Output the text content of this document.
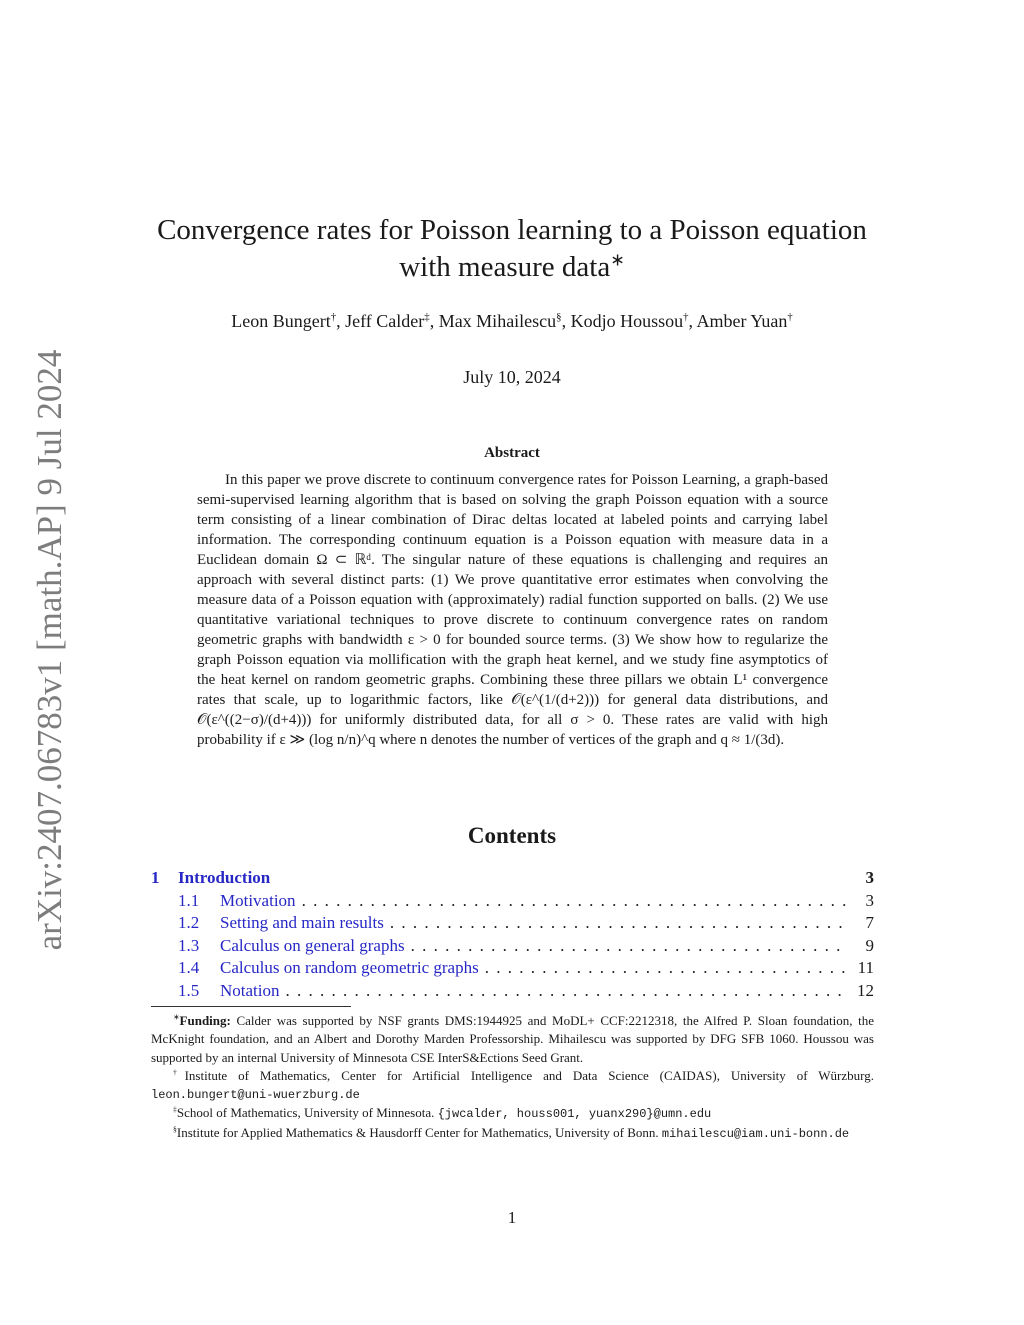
arXiv:2407.06783v1 [math.AP] 9 Jul 2024
Convergence rates for Poisson learning to a Poisson equation
with measure data∗
Leon Bungert†, Jeff Calder‡, Max Mihailescu§, Kodjo Houssou†, Amber Yuan†
July 10, 2024
Abstract
In this paper we prove discrete to continuum convergence rates for Poisson Learning, a graph-based semi-supervised learning algorithm that is based on solving the graph Poisson equation with a source term consisting of a linear combination of Dirac deltas located at labeled points and carrying label information. The corresponding continuum equation is a Poisson equation with measure data in a Euclidean domain Ω ⊂ ℝᵈ. The singular nature of these equations is challenging and requires an approach with several distinct parts: (1) We prove quantitative error estimates when convolving the measure data of a Poisson equation with (approximately) radial function supported on balls. (2) We use quantitative variational techniques to prove discrete to continuum convergence rates on random geometric graphs with bandwidth ε > 0 for bounded source terms. (3) We show how to regularize the graph Poisson equation via mollification with the graph heat kernel, and we study fine asymptotics of the heat kernel on random geometric graphs. Combining these three pillars we obtain L¹ convergence rates that scale, up to logarithmic factors, like 𝒪(ε^(1/(d+2))) for general data distributions, and 𝒪(ε^((2−σ)/(d+4))) for uniformly distributed data, for all σ > 0. These rates are valid with high probability if ε ≫ (log n/n)^q where n denotes the number of vertices of the graph and q ≈ 1/(3d).
Contents
1	Introduction	3
1.1	Motivation . . .	3
1.2	Setting and main results . . .	7
1.3	Calculus on general graphs . . .	9
1.4	Calculus on random geometric graphs . . .	11
1.5	Notation . . .	12

∗Funding: Calder was supported by NSF grants DMS:1944925 and MoDL+ CCF:2212318, the Alfred P. Sloan foundation, the McKnight foundation, and an Albert and Dorothy Marden Professorship. Mihailescu was supported by DFG SFB 1060. Houssou was supported by an internal University of Minnesota CSE InterS&Ections Seed Grant.

†Institute of Mathematics, Center for Artificial Intelligence and Data Science (CAIDAS), University of Würzburg. leon.bungert@uni-wuerzburg.de

‡School of Mathematics, University of Minnesota. {jwcalder, houss001, yuanx290}@umn.edu

§Institute for Applied Mathematics & Hausdorff Center for Mathematics, University of Bonn. mihailescu@iam.uni-bonn.de

1
